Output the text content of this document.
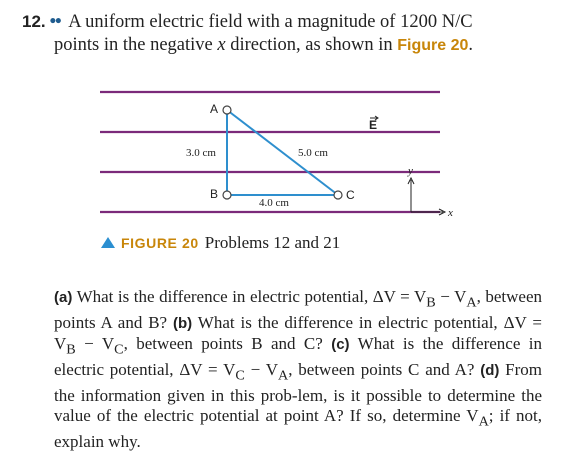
12. •• A uniform electric field with a magnitude of 1200 N/C
points in the negative x direction, as shown in Figure 20.
A
B	C
3.0 cm	5.0 cm
4.0 cm
E
y
x
FIGURE 20 Problems 12 and 21
(a) What is the difference in electric potential, $\Delta V = V_B - V_A$, between points A and B? (b) What is the difference in electric potential, $\Delta V = V_B - V_C$, between points B and C? (c) What is the difference in electric potential, $\Delta V = V_C - V_A$, between points C and A? (d) From the information given in this prob-lem, is it possible to determine the value of the electric potential at point A? If so, determine $V_A$; if not, explain why.
